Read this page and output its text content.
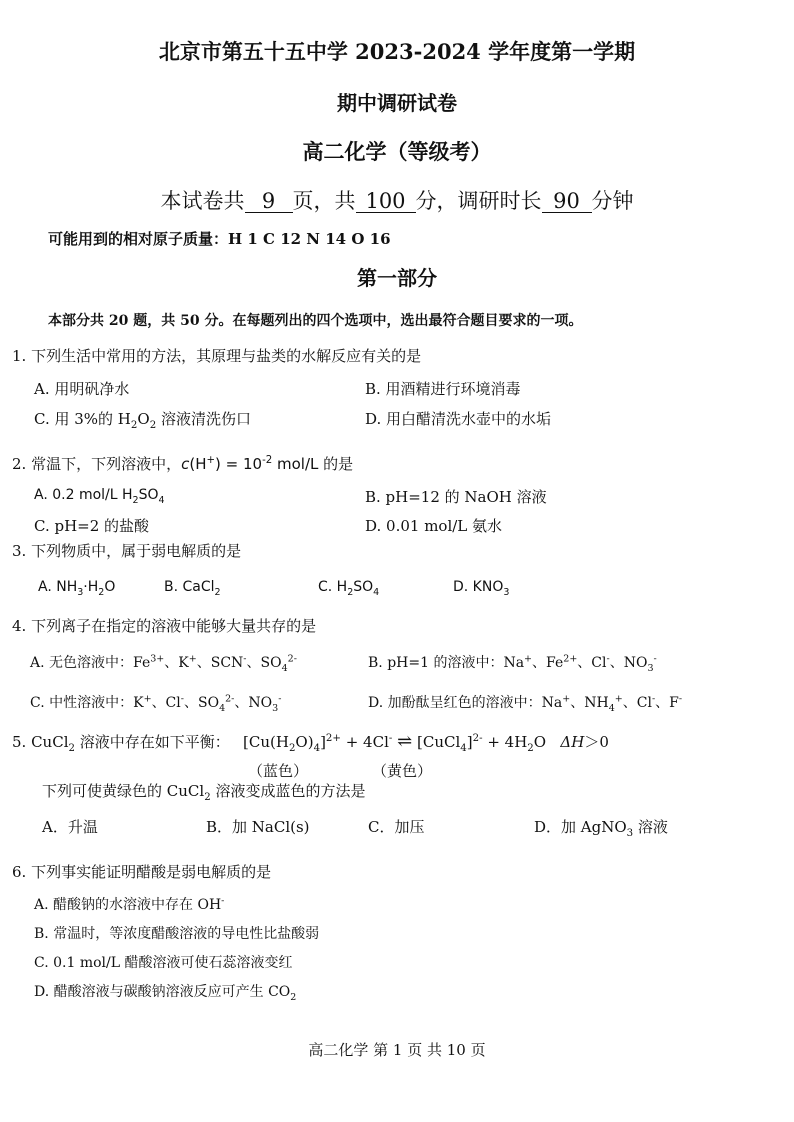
北京市第五十五中学 2023-2024 学年度第一学期
期中调研试卷
高二化学（等级考）
本试卷共 9 页，共 100 分，调研时长 90 分钟
可能用到的相对原子质量：H 1 C 12 N 14 O 16
第一部分
本部分共 20 题，共 50 分。在每题列出的四个选项中，选出最符合题目要求的一项。
1. 下列生活中常用的方法，其原理与盐类的水解反应有关的是
A. 用明矾净水	B. 用酒精进行环境消毒
C. 用 3%的 $H_2O_2$ 溶液清洗伤口	D. 用白醋清洗水壶中的水垢
2. 常温下，下列溶液中，$c(H^+) = 10^{-2}$ mol/L 的是
A. 0.2 mol/L $H_2SO_4$	B. pH=12 的 NaOH 溶液
C. pH=2 的盐酸	D. 0.01 mol/L 氨水
3. 下列物质中，属于弱电解质的是
A. $NH_3\cdot H_2O$	B. CaCl$_2$	C. $H_2SO_4$	D. $KNO_3$
4. 下列离子在指定的溶液中能够大量共存的是
A. 无色溶液中：$Fe^{3+}$、K+、SCN-、$SO_4^{2-}$	B. pH=1 的溶液中：Na+、$Fe^{2+}$、Cl-、$NO_3^-$
C. 中性溶液中：K+、Cl-、$SO_4^{2-}$、$NO_3^-$	D. 加酚酞呈红色的溶液中：Na+、$NH_4^+$、Cl-、F-
5. CuCl$_2$ 溶液中存在如下平衡： $[Cu(H_2O)_4]^{2+} + 4Cl^-$ ⇌ [CuCl$_4$]$^{2-}$ + $4H_2O$ ΔH＞0
（蓝色）	（黄色）
下列可使黄绿色的 CuCl$_2$ 溶液变成蓝色的方法是
A．升温	B．加 NaCl(s)	C．加压	D．加 AgNO$_3$ 溶液
6. 下列事实能证明醋酸是弱电解质的是
A. 醋酸钠的水溶液中存在 OH-
B. 常温时，等浓度醋酸溶液的导电性比盐酸弱
C. 0.1 mol/L 醋酸溶液可使石蕊溶液变红
D. 醋酸溶液与碳酸钠溶液反应可产生 $CO_2$
高二化学 第 1 页 共 10 页
